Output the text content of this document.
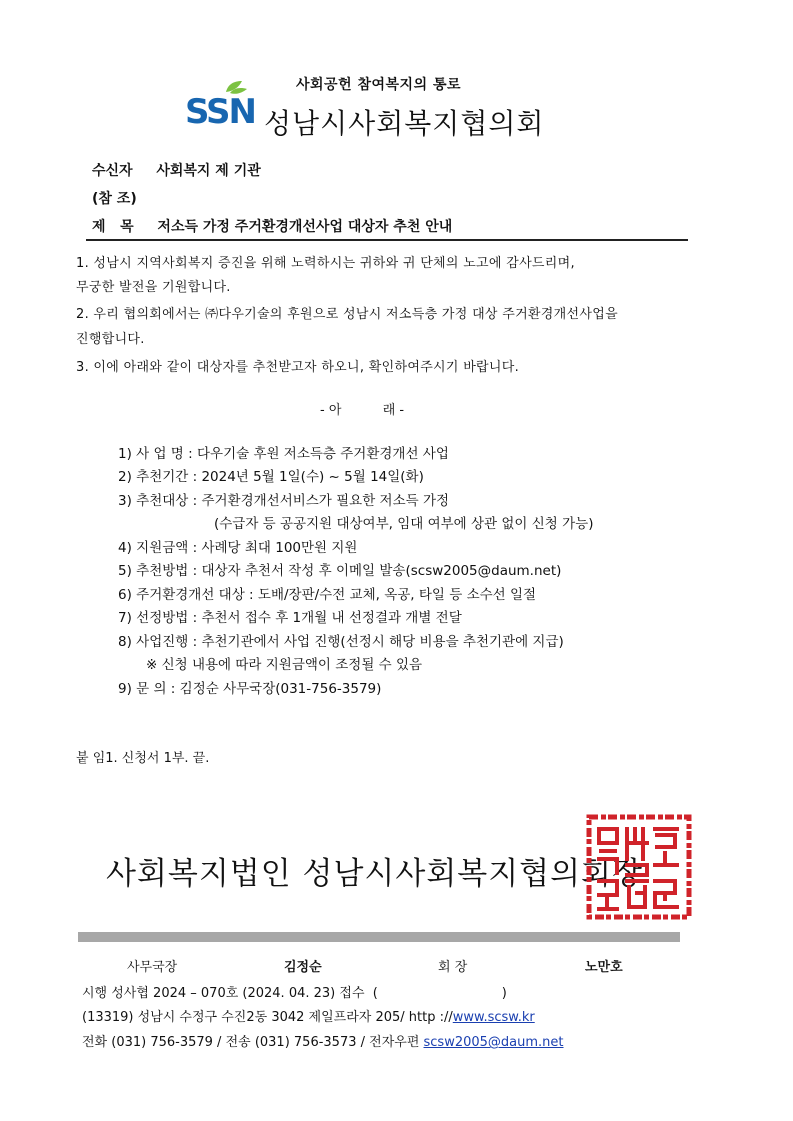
사회공헌 참여복지의 통로
SSN 성남시사회복지협의회
수신자 사회복지 제 기관
(참 조)
제   목 저소득 가정 주거환경개선사업 대상자 추천 안내
1. 성남시 지역사회복지 증진을 위해 노력하시는 귀하와 귀 단체의 노고에 감사드리며,
무궁한 발전을 기원합니다.
2. 우리 협의회에서는 ㈜다우기술의 후원으로 성남시 저소득층 가정 대상 주거환경개선사업을
진행합니다.
3. 이에 아래와 같이 대상자를 추천받고자 하오니, 확인하여주시기 바랍니다.
- 아          래 -
1) 사 업 명 : 다우기술 후원 저소득층 주거환경개선 사업
2) 추천기간 : 2024년 5월 1일(수) ~ 5월 14일(화)
3) 추천대상 : 주거환경개선서비스가 필요한 저소득 가정
(수급자 등 공공지원 대상여부, 임대 여부에 상관 없이 신청 가능)
4) 지원금액 : 사례당 최대 100만원 지원
5) 추천방법 : 대상자 추천서 작성 후 이메일 발송(scsw2005@daum.net)
6) 주거환경개선 대상 : 도배/장판/수전 교체, 옥공, 타일 등 소수선 일절
7) 선정방법 : 추천서 접수 후 1개월 내 선정결과 개별 전달
8) 사업진행 : 추천기관에서 사업 진행(선정시 해당 비용을 추천기관에 지급)
※ 신청 내용에 따라 지원금액이 조정될 수 있음
9) 문 의 : 김정순 사무국장(031-756-3579)
붙 임1. 신청서 1부. 끝.
사회복지법인 성남시사회복지협의회장
사무국장	김정순	회 장	노만호
시행 성사협 2024 – 070호 (2024. 04. 23) 접수  (                              )
(13319) 성남시 수정구 수진2동 3042 제일프라자 205/ http ://www.scsw.kr
전화 (031) 756-3579 / 전송 (031) 756-3573 / 전자우편 scsw2005@daum.net
